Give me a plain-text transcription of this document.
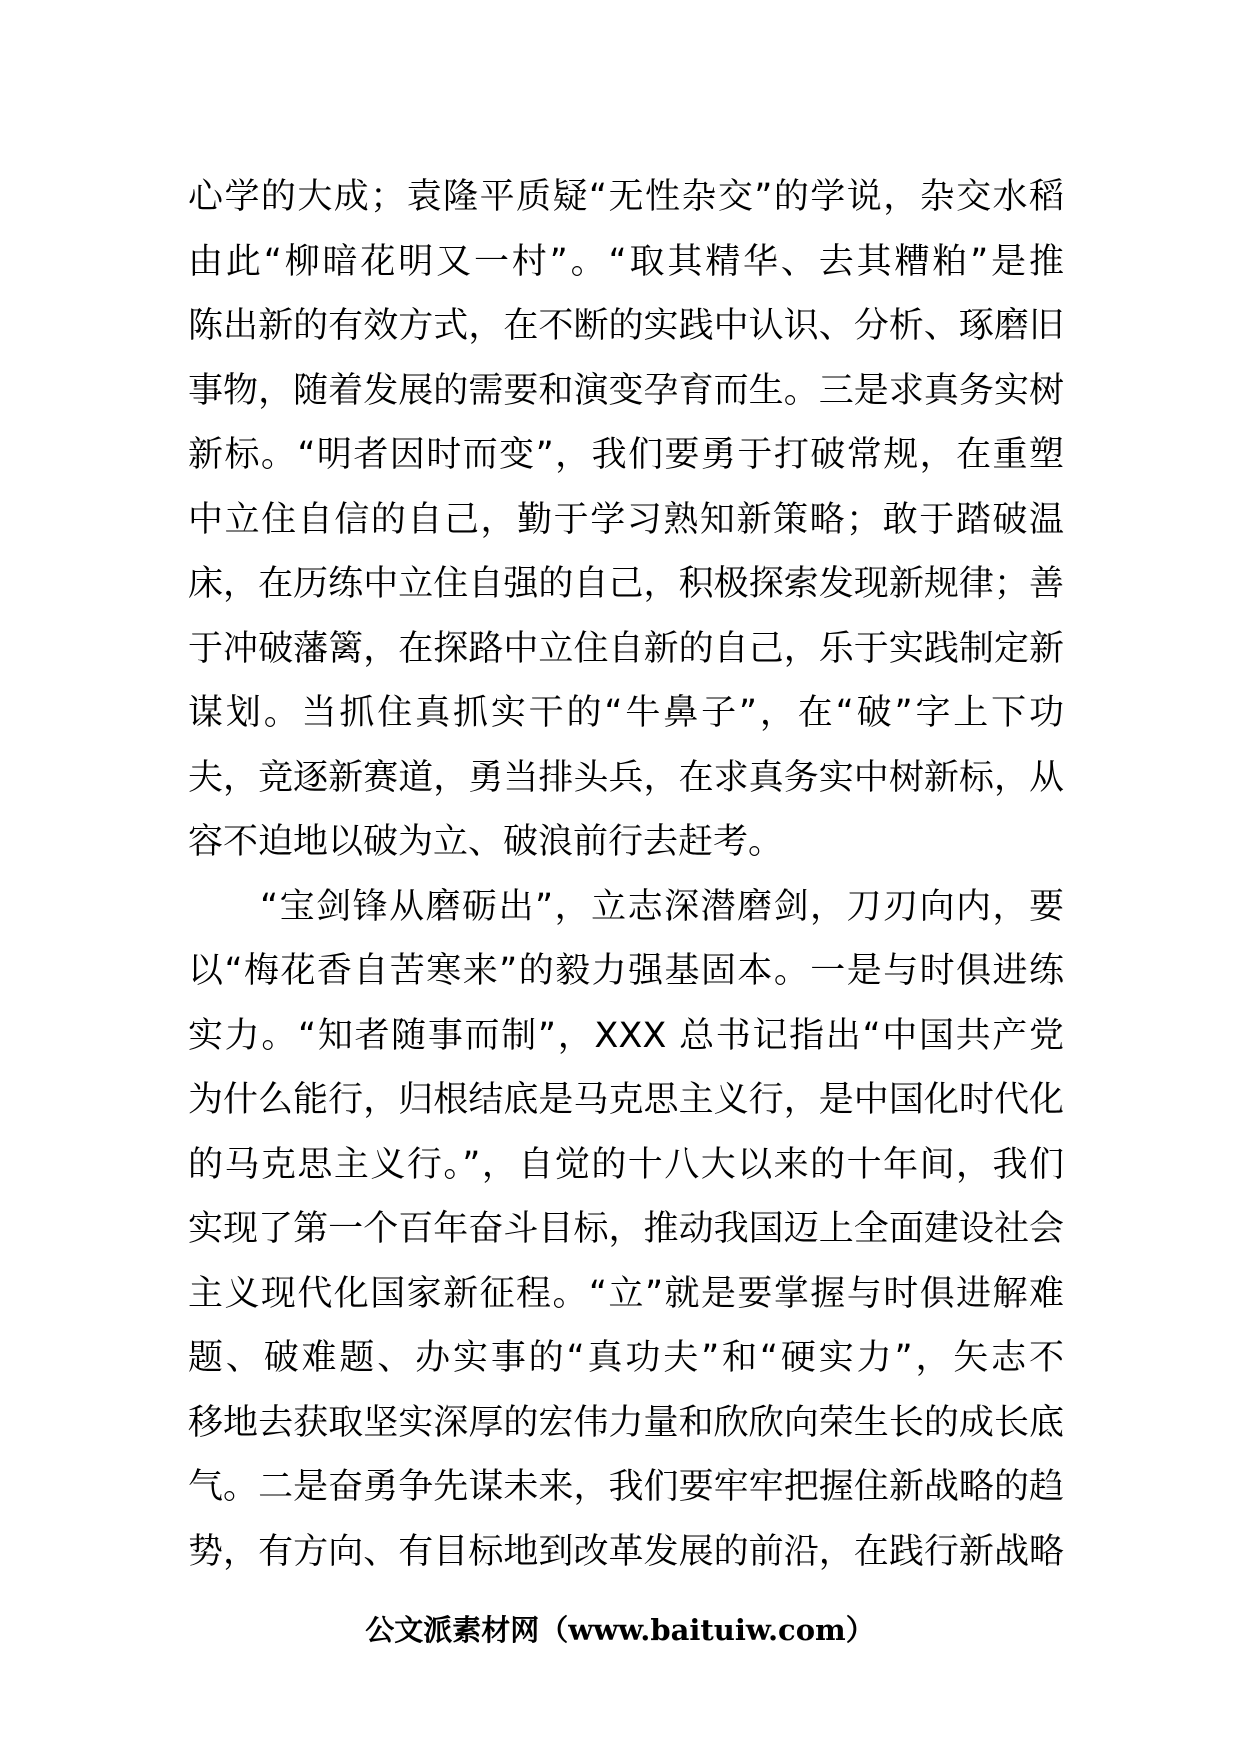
心学的大成；袁隆平质疑“无性杂交”的学说，杂交水稻
由此“柳暗花明又一村”。“取其精华、去其糟粕”是推
陈出新的有效方式，在不断的实践中认识、分析、琢磨旧
事物，随着发展的需要和演变孕育而生。三是求真务实树
新标。“明者因时而变”，我们要勇于打破常规，在重塑
中立住自信的自己，勤于学习熟知新策略；敢于踏破温
床，在历练中立住自强的自己，积极探索发现新规律；善
于冲破藩篱，在探路中立住自新的自己，乐于实践制定新
谋划。当抓住真抓实干的“牛鼻子”，在“破”字上下功
夫，竞逐新赛道，勇当排头兵，在求真务实中树新标，从
容不迫地以破为立、破浪前行去赶考。
“宝剑锋从磨砺出”，立志深潜磨剑，刀刃向内，要
以“梅花香自苦寒来”的毅力强基固本。一是与时俱进练
实力。“知者随事而制”，XXX 总书记指出“中国共产党
为什么能行，归根结底是马克思主义行，是中国化时代化
的马克思主义行。”，自觉的十八大以来的十年间，我们
实现了第一个百年奋斗目标，推动我国迈上全面建设社会
主义现代化国家新征程。“立”就是要掌握与时俱进解难
题、破难题、办实事的“真功夫”和“硬实力”，矢志不
移地去获取坚实深厚的宏伟力量和欣欣向荣生长的成长底
气。二是奋勇争先谋未来，我们要牢牢把握住新战略的趋
势，有方向、有目标地到改革发展的前沿，在践行新战略
公文派素材网（www.baituiw.com）
